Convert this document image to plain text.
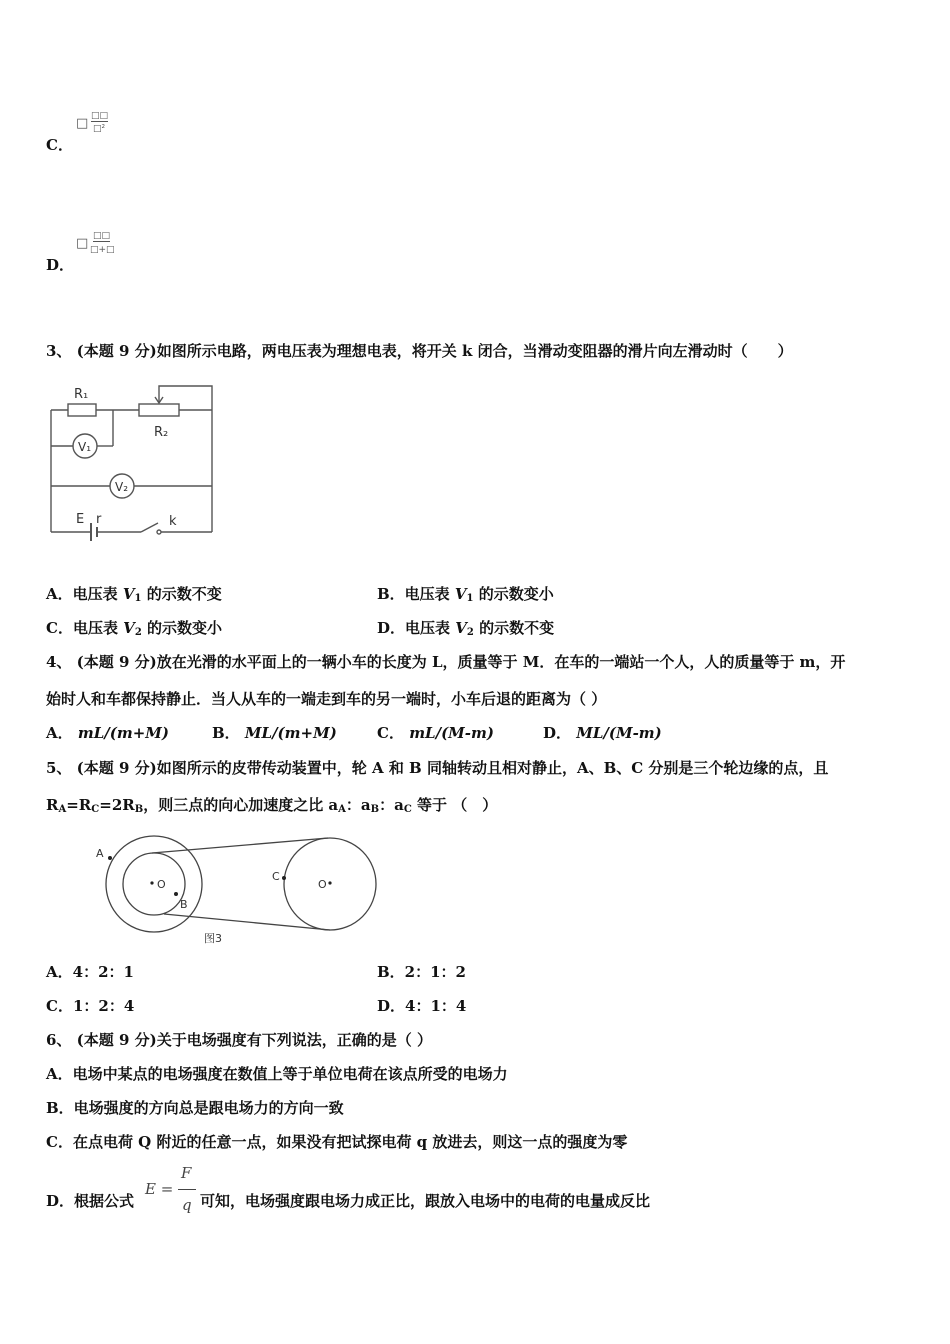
C．
□ □□
□²
D．
□ □□
□+□
3、 (本题 9 分)如图所示电路，两电压表为理想电表，将开关 k 闭合，当滑动变阻器的滑片向左滑动时（　　）
R₁
R₂
V₁
V₂
E r	k
A．电压表 $V_1$ 的示数不变	B．电压表 $V_1$ 的示数变小
C．电压表 $V_2$ 的示数变小	D．电压表 $V_2$ 的示数不变
4、 (本题 9 分)放在光滑的水平面上的一辆小车的长度为 L，质量等于 M．在车的一端站一个人，人的质量等于 m，开
始时人和车都保持静止．当人从车的一端走到车的另一端时，小车后退的距离为（ ）
A． mL/(m+M)	B． ML/(m+M)	C． mL/(M-m)	D． ML/(M-m)
5、 (本题 9 分)如图所示的皮带传动装置中，轮 A 和 B 同轴转动且相对静止，A、B、C 分别是三个轮边缘的点，且
$R_A=R_C=2R_B$，则三点的向心加速度之比 $a_A$：$a_B$：$a_C$ 等于 （　）
A
B
C
O	O
图3
A．4：2：1	B．2：1：2
C．1：2：4	D．4：1：4
6、 (本题 9 分)关于电场强度有下列说法，正确的是（ ）
A．电场中某点的电场强度在数值上等于单位电荷在该点所受的电场力
B．电场强度的方向总是跟电场力的方向一致
C．在点电荷 Q 附近的任意一点，如果没有把试探电荷 q 放进去，则这一点的强度为零
D．根据公式
E =
F
q 可知，电场强度跟电场力成正比，跟放入电场中的电荷的电量成反比
